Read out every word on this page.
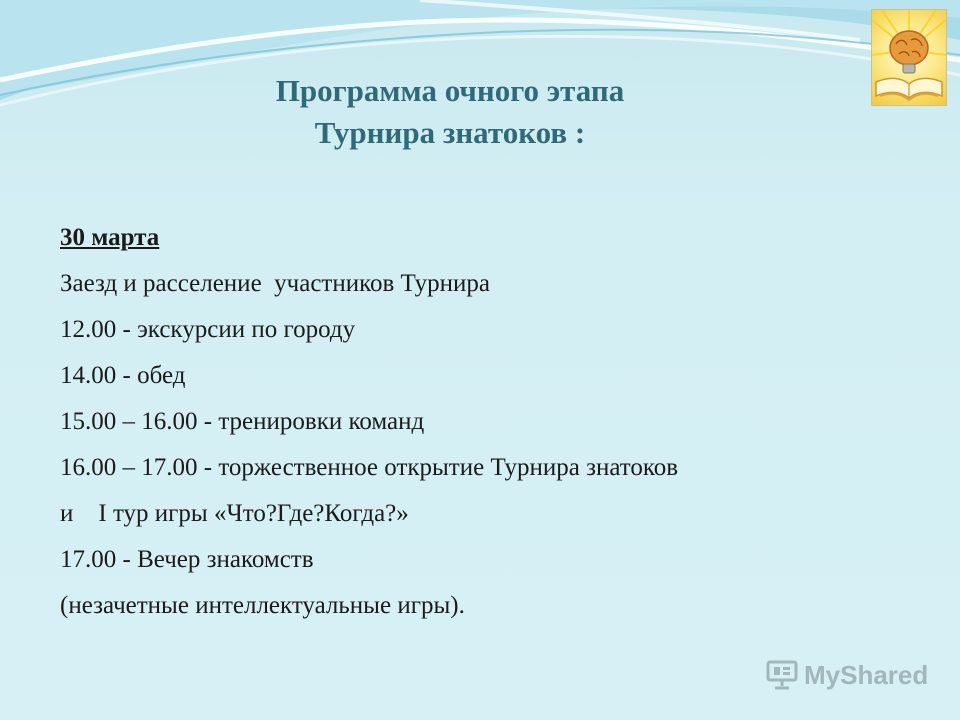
Программа очного этапа
Турнира знатоков :
30 марта
Заезд и расселение  участников Турнира
12.00 - экскурсии по городу
14.00 - обед
15.00 – 16.00 - тренировки команд
16.00 – 17.00 - торжественное открытие Турнира знатоков
и    I тур игры «Что?Где?Когда?»
17.00 - Вечер знакомств
(незачетные интеллектуальные игры).
MyShared
